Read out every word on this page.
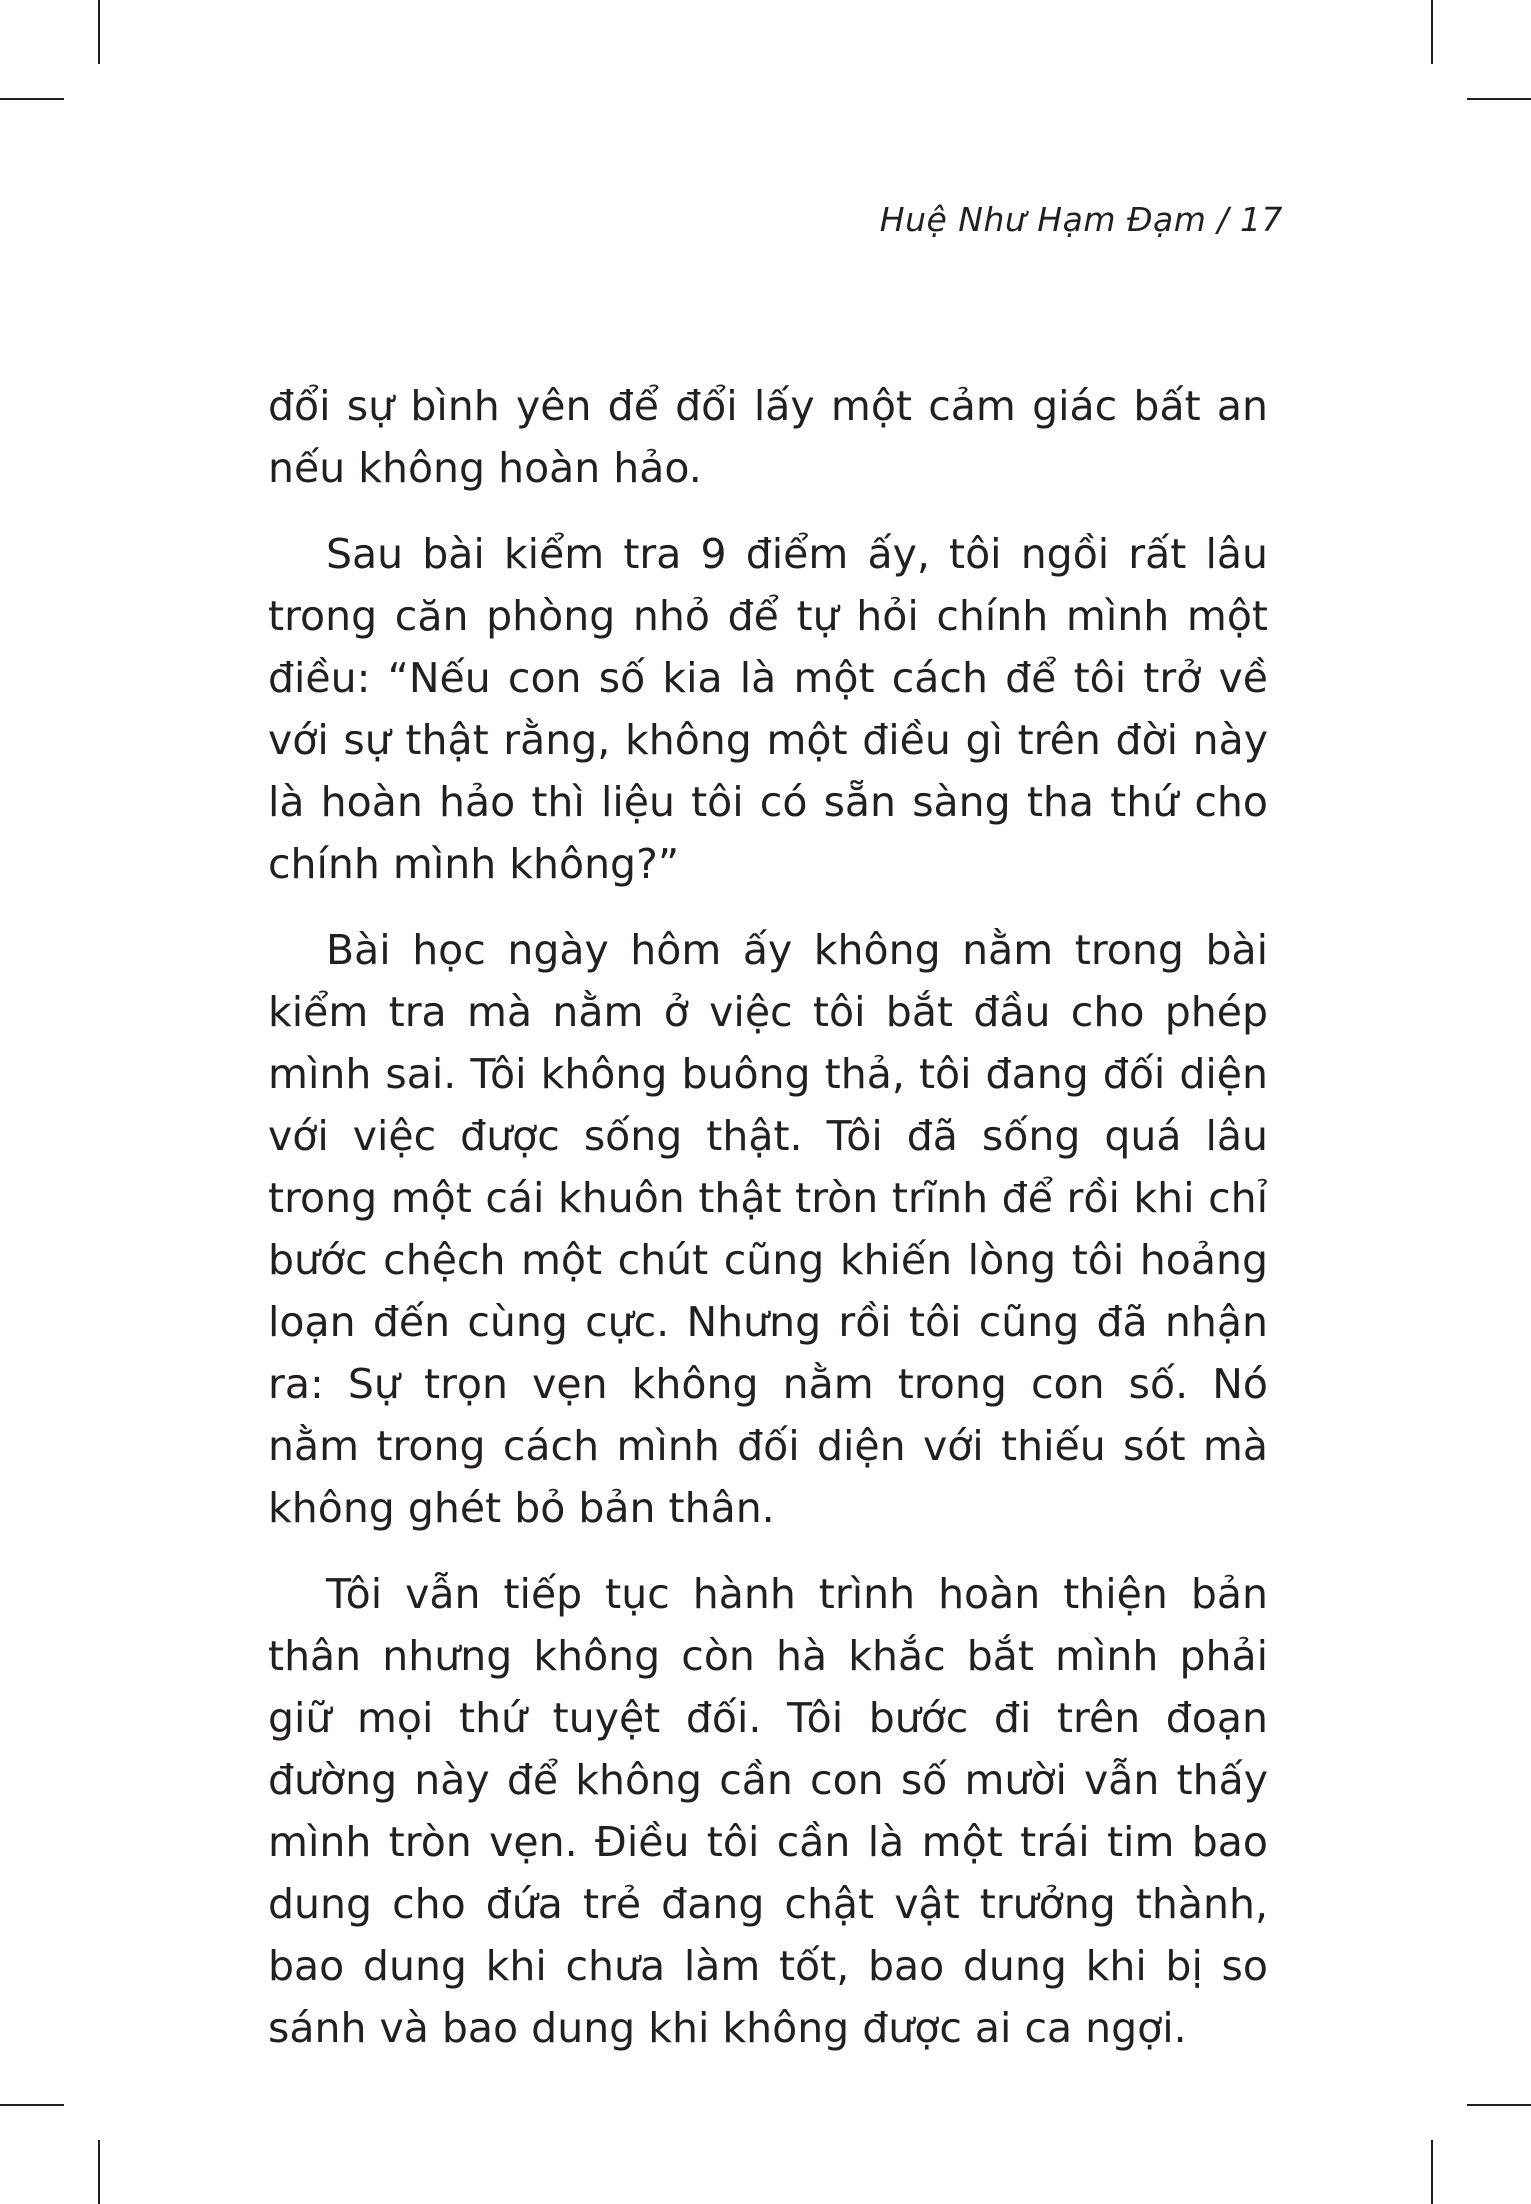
Huệ Như Hạm Đạm / 17

đổi sự bình yên để đổi lấy một cảm giác bất an nếu không hoàn hảo.

Sau bài kiểm tra 9 điểm ấy, tôi ngồi rất lâu trong căn phòng nhỏ để tự hỏi chính mình một điều: “Nếu con số kia là một cách để tôi trở về với sự thật rằng, không một điều gì trên đời này là hoàn hảo thì liệu tôi có sẵn sàng tha thứ cho chính mình không?”

Bài học ngày hôm ấy không nằm trong bài kiểm tra mà nằm ở việc tôi bắt đầu cho phép mình sai. Tôi không buông thả, tôi đang đối diện với việc được sống thật. Tôi đã sống quá lâu trong một cái khuôn thật tròn trĩnh để rồi khi chỉ bước chệch một chút cũng khiến lòng tôi hoảng loạn đến cùng cực. Nhưng rồi tôi cũng đã nhận ra: Sự trọn vẹn không nằm trong con số. Nó nằm trong cách mình đối diện với thiếu sót mà không ghét bỏ bản thân.

Tôi vẫn tiếp tục hành trình hoàn thiện bản thân nhưng không còn hà khắc bắt mình phải giữ mọi thứ tuyệt đối. Tôi bước đi trên đoạn đường này để không cần con số mười vẫn thấy mình tròn vẹn. Điều tôi cần là một trái tim bao dung cho đứa trẻ đang chật vật trưởng thành, bao dung khi chưa làm tốt, bao dung khi bị so sánh và bao dung khi không được ai ca ngợi.
